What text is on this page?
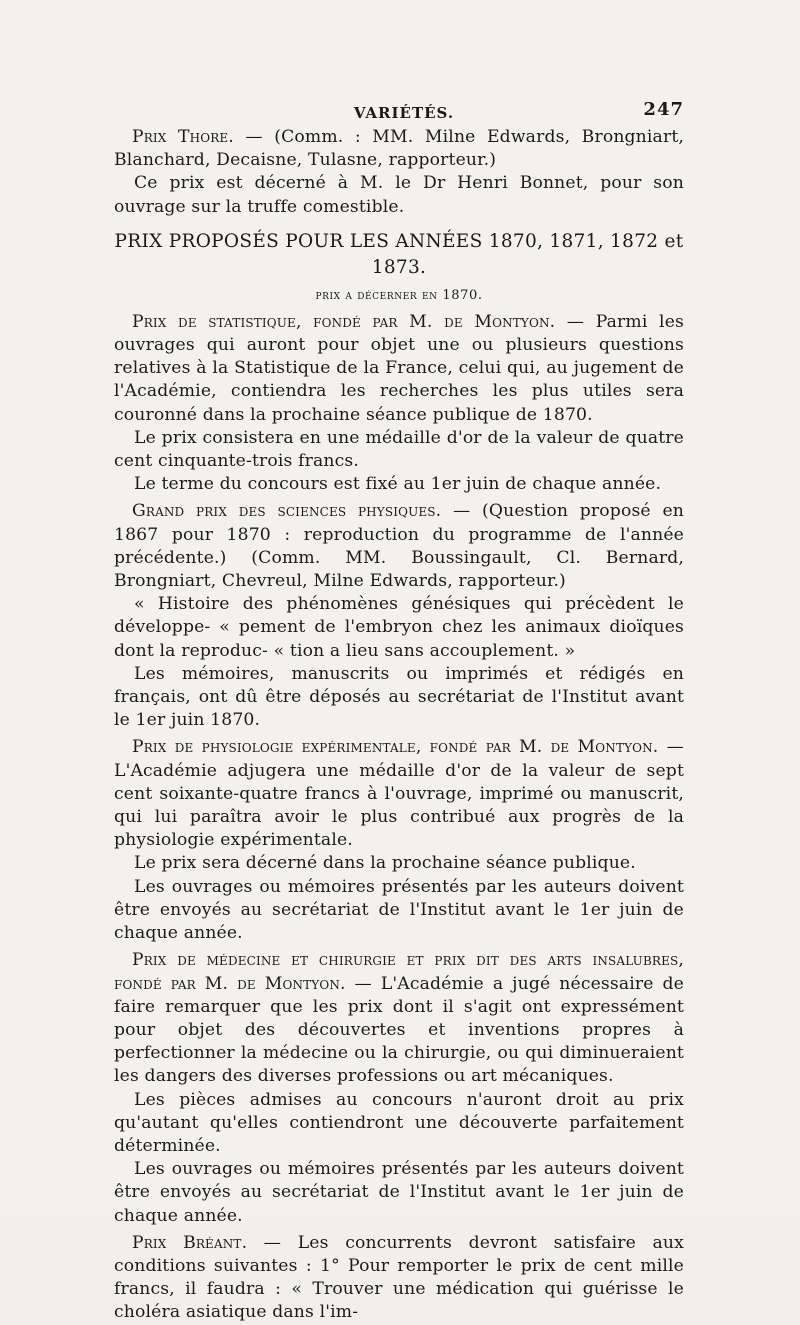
VARIÉTÉS.	247

Prix Thore. — (Comm. : MM. Milne Edwards, Brongniart, Blanchard, Decaisne, Tulasne, rapporteur.)

Ce prix est décerné à M. le Dr Henri Bonnet, pour son ouvrage sur la truffe comestible.

PRIX PROPOSÉS POUR LES ANNÉES 1870, 1871, 1872 et 1873.
prix a décerner en 1870.

Prix de statistique, fondé par M. de Montyon. — Parmi les ouvrages qui auront pour objet une ou plusieurs questions relatives à la Statistique de la France, celui qui, au jugement de l'Académie, contiendra les recherches les plus utiles sera couronné dans la prochaine séance publique de 1870.

Le prix consistera en une médaille d'or de la valeur de quatre cent cinquante-trois francs.

Le terme du concours est fixé au 1er juin de chaque année.

Grand prix des sciences physiques. — (Question proposé en 1867 pour 1870 : reproduction du programme de l'année précédente.) (Comm. MM. Boussingault, Cl. Bernard, Brongniart, Chevreul, Milne Edwards, rapporteur.)

« Histoire des phénomènes génésiques qui précèdent le développe- « pement de l'embryon chez les animaux dioïques dont la reproduc- « tion a lieu sans accouplement. »

Les mémoires, manuscrits ou imprimés et rédigés en français, ont dû être déposés au secrétariat de l'Institut avant le 1er juin 1870.

Prix de physiologie expérimentale, fondé par M. de Montyon. — L'Académie adjugera une médaille d'or de la valeur de sept cent soixante-quatre francs à l'ouvrage, imprimé ou manuscrit, qui lui paraîtra avoir le plus contribué aux progrès de la physiologie expérimentale.

Le prix sera décerné dans la prochaine séance publique.

Les ouvrages ou mémoires présentés par les auteurs doivent être envoyés au secrétariat de l'Institut avant le 1er juin de chaque année.

Prix de médecine et chirurgie et prix dit des arts insalubres, fondé par M. de Montyon. — L'Académie a jugé nécessaire de faire remarquer que les prix dont il s'agit ont expressément pour objet des découvertes et inventions propres à perfectionner la médecine ou la chirurgie, ou qui diminueraient les dangers des diverses professions ou art mécaniques.

Les pièces admises au concours n'auront droit au prix qu'autant qu'elles contiendront une découverte parfaitement déterminée.

Les ouvrages ou mémoires présentés par les auteurs doivent être envoyés au secrétariat de l'Institut avant le 1er juin de chaque année.

Prix Bréant. — Les concurrents devront satisfaire aux conditions suivantes : 1° Pour remporter le prix de cent mille francs, il faudra : « Trouver une médication qui guérisse le choléra asiatique dans l'im-
